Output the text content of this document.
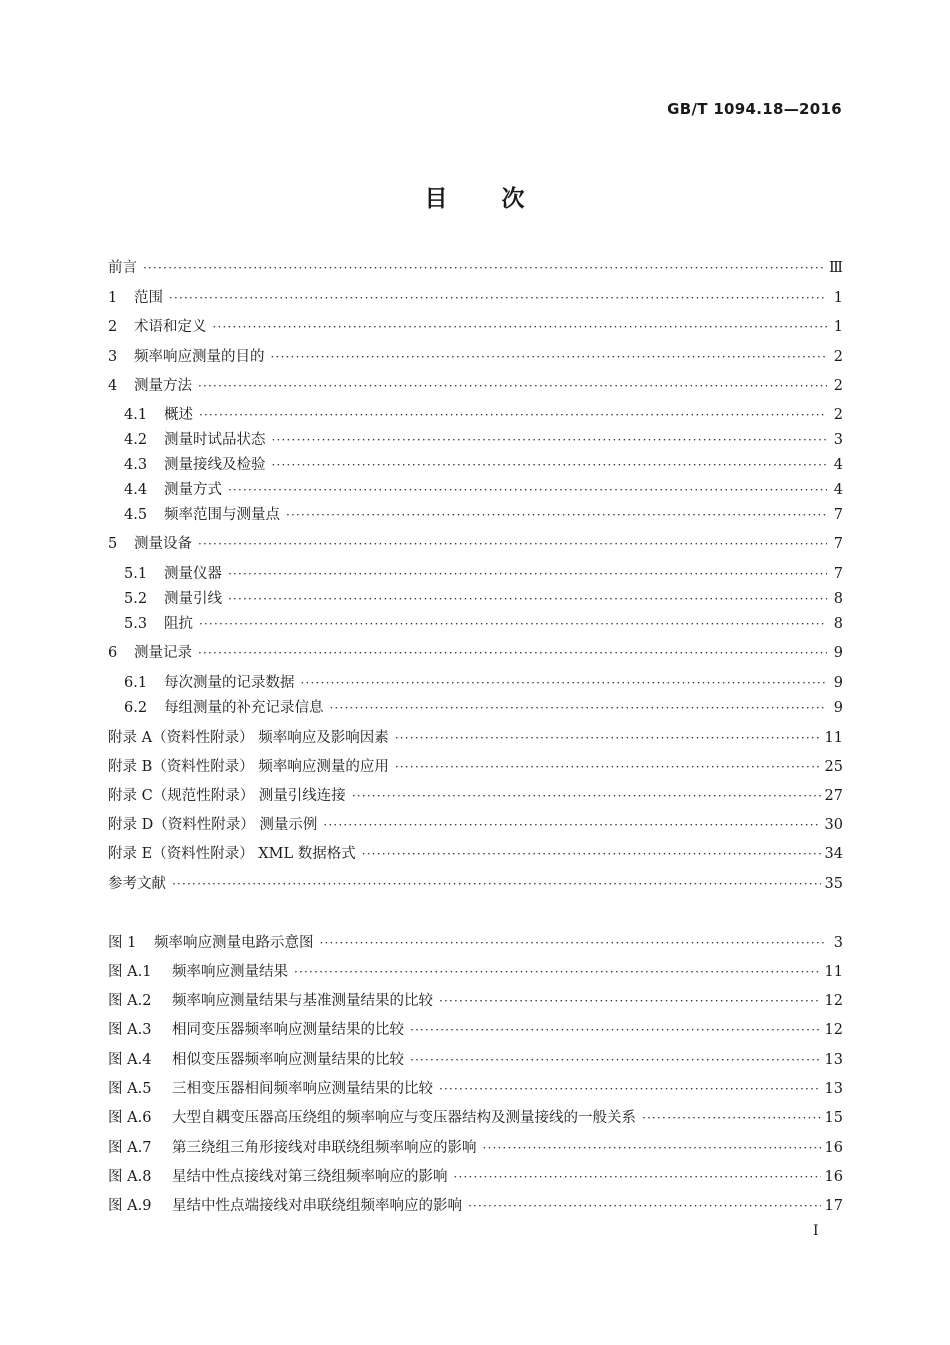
GB/T 1094.18—2016
目 次
前言 ·····	Ⅲ
1	范围 ·····	1
2	术语和定义 ·····	1
3	频率响应测量的目的 ·····	2
4	测量方法 ·····	2
4.1	概述 ·····	2
4.2	测量时试品状态 ·····	3
4.3	测量接线及检验 ·····	4
4.4	测量方式 ·····	4
4.5	频率范围与测量点 ·····	7
5	测量设备 ·····	7
5.1	测量仪器 ·····	7
5.2	测量引线 ·····	8
5.3	阻抗 ·····	8
6	测量记录 ·····	9
6.1	每次测量的记录数据 ·····	9
6.2	每组测量的补充记录信息 ·····	9
附录 A（资料性附录） 频率响应及影响因素 ·····	11
附录 B（资料性附录） 频率响应测量的应用 ·····	25
附录 C（规范性附录） 测量引线连接 ·····	27
附录 D（资料性附录） 测量示例 ·····	30
附录 E（资料性附录） XML 数据格式 ·····	34
参考文献 ·····	35
图 1	频率响应测量电路示意图 ·····	3
图 A.1	频率响应测量结果 ·····	11
图 A.2	频率响应测量结果与基准测量结果的比较 ·····	12
图 A.3	相同变压器频率响应测量结果的比较 ·····	12
图 A.4	相似变压器频率响应测量结果的比较 ·····	13
图 A.5	三相变压器相间频率响应测量结果的比较 ·····	13
图 A.6	大型自耦变压器高压绕组的频率响应与变压器结构及测量接线的一般关系 ·····	15
图 A.7	第三绕组三角形接线对串联绕组频率响应的影响 ·····	16
图 A.8	星结中性点接线对第三绕组频率响应的影响 ·····	16
图 A.9	星结中性点端接线对串联绕组频率响应的影响 ·····	17
Ⅰ
